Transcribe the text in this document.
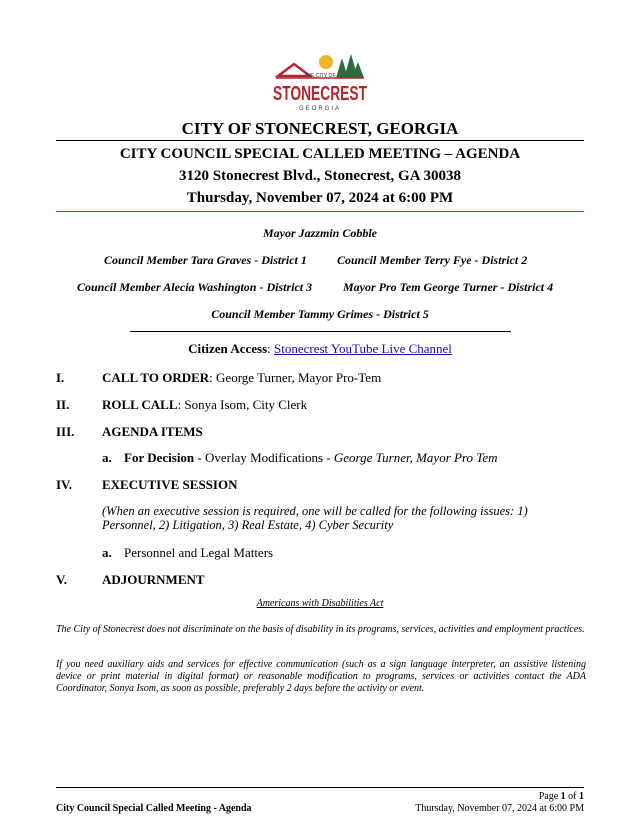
THE CITY OF
STONECREST
GEORGIA
CITY OF STONECREST, GEORGIA
CITY COUNCIL SPECIAL CALLED MEETING – AGENDA
3120 Stonecrest Blvd., Stonecrest, GA 30038
Thursday, November 07, 2024 at 6:00 PM
Mayor Jazzmin Cobble
Council Member Tara Graves - District 1	Council Member Terry Fye - District 2
Council Member Alecia Washington - District 3	Mayor Pro Tem George Turner - District 4
Council Member Tammy Grimes - District 5
Citizen Access: Stonecrest YouTube Live Channel
I.	CALL TO ORDER: George Turner, Mayor Pro-Tem
II.	ROLL CALL: Sonya Isom, City Clerk
III. AGENDA ITEMS
a. For Decision - Overlay Modifications - George Turner, Mayor Pro Tem
IV. EXECUTIVE SESSION
(When an executive session is required, one will be called for the following issues: 1) Personnel, 2) Litigation, 3) Real Estate, 4) Cyber Security
a. Personnel and Legal Matters
V.	ADJOURNMENT
Americans with Disabilities Act
The City of Stonecrest does not discriminate on the basis of disability in its programs, services, activities and employment practices.
If you need auxiliary aids and services for effective communication (such as a sign language interpreter, an assistive listening device or print material in digital format) or reasonable modification to programs, services or activities contact the ADA Coordinator, Sonya Isom, as soon as possible, preferably 2 days before the activity or event.
Page 1 of 1
City Council Special Called Meeting - Agenda	Thursday, November 07, 2024 at 6:00 PM
